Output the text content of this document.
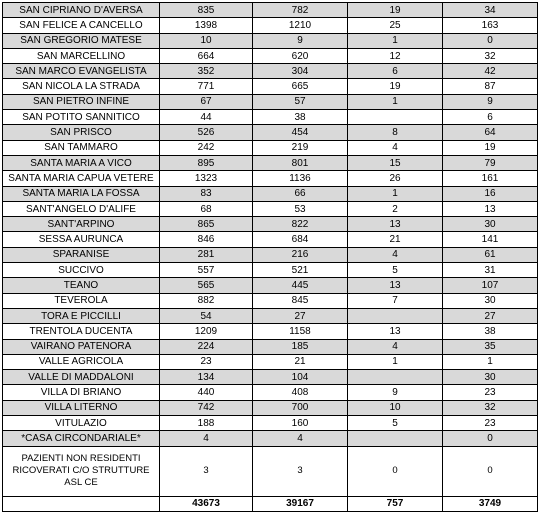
SAN CIPRIANO D'AVERSA	835	782	19	34
SAN FELICE A CANCELLO	1398	1210	25	163
SAN GREGORIO MATESE	10	9	1	0
SAN MARCELLINO	664	620	12	32
SAN MARCO EVANGELISTA	352	304	6	42
SAN NICOLA LA STRADA	771	665	19	87
SAN PIETRO INFINE	67	57	1	9
SAN POTITO SANNITICO	44	38		6
SAN PRISCO	526	454	8	64
SAN TAMMARO	242	219	4	19
SANTA MARIA A VICO	895	801	15	79
SANTA MARIA CAPUA VETERE	1323	1136	26	161
SANTA MARIA LA FOSSA	83	66	1	16
SANT'ANGELO D'ALIFE	68	53	2	13
SANT'ARPINO	865	822	13	30
SESSA AURUNCA	846	684	21	141
SPARANISE	281	216	4	61
SUCCIVO	557	521	5	31
TEANO	565	445	13	107
TEVEROLA	882	845	7	30
TORA E PICCILLI	54	27		27
TRENTOLA DUCENTA	1209	1158	13	38
VAIRANO PATENORA	224	185	4	35
VALLE AGRICOLA	23	21	1	1
VALLE DI MADDALONI	134	104		30
VILLA DI BRIANO	440	408	9	23
VILLA LITERNO	742	700	10	32
VITULAZIO	188	160	5	23
*CASA CIRCONDARIALE*	4	4		0
PAZIENTI NON RESIDENTI RICOVERATI C/O STRUTTURE ASL CE	3	3	0	0
	43673	39167	757	3749
